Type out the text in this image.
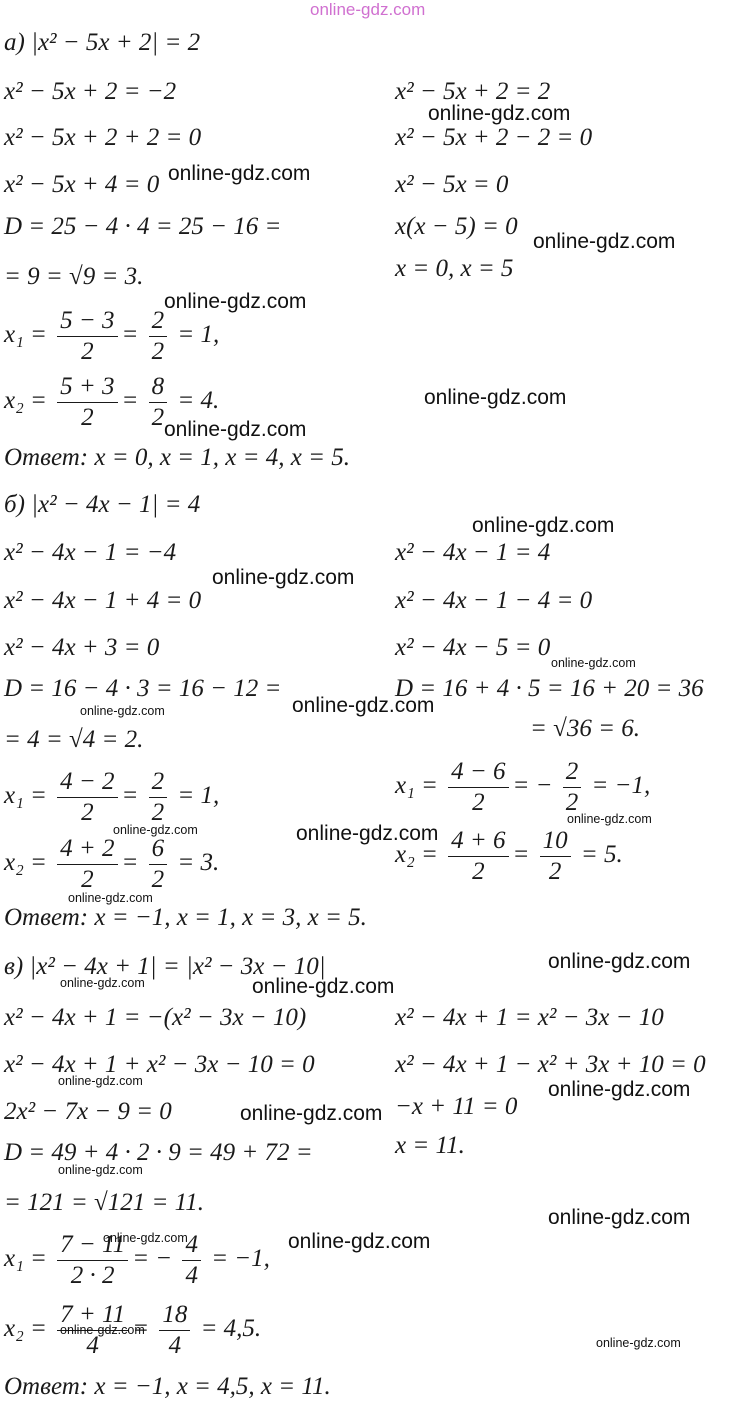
online-gdz.com
а) |x² − 5x + 2| = 2
x² − 5x + 2 = −2
x² − 5x + 2 + 2 = 0
x² − 5x + 4 = 0
D = 25 − 4 · 4 = 25 − 16 =
= 9 = √9 = 3.
$x_1 = \frac{5 - 3}{2} = \frac{2}{2} = 1$,
$x_2 = \frac{5 + 3}{2} = \frac{8}{2} = 4$.
x² − 5x + 2 = 2
x² − 5x + 2 − 2 = 0
x² − 5x = 0
x(x − 5) = 0
x = 0, x = 5
Ответ: x = 0, x = 1, x = 4, x = 5.
б) |x² − 4x − 1| = 4
x² − 4x − 1 = −4
x² − 4x − 1 + 4 = 0
x² − 4x + 3 = 0
D = 16 − 4 · 3 = 16 − 12 =
= 4 = √4 = 2.
$x_1 = \frac{4 - 2}{2} = \frac{2}{2} = 1$,
$x_2 = \frac{4 + 2}{2} = \frac{6}{2} = 3$.
x² − 4x − 1 = 4
x² − 4x − 1 − 4 = 0
x² − 4x − 5 = 0
D = 16 + 4 · 5 = 16 + 20 = 36
= √36 = 6.
$x_1 = \frac{4 - 6}{2}$ = − $\frac{2}{2} = -1$,
$x_2 = \frac{4 + 6}{2} = \frac{10}{2} = 5$.
Ответ: x = −1, x = 1, x = 3, x = 5.
в) |x² − 4x + 1| = |x² − 3x − 10|
x² − 4x + 1 = −(x² − 3x − 10)
x² − 4x + 1 + x² − 3x − 10 = 0
2x² − 7x − 9 = 0
D = 49 + 4 · 2 · 9 = 49 + 72 =
= 121 = √121 = 11.
$x_1 = \frac{7 - 11}{2 \cdot 2}$ = − $\frac{4}{4} = -1$,
$x_2 = \frac{7 + 11}{4} = \frac{18}{4} = 4,5$.
x² − 4x + 1 = x² − 3x − 10
x² − 4x + 1 − x² + 3x + 10 = 0
−x + 11 = 0
x = 11.
Ответ: x = −1, x = 4,5, x = 11.
online-gdz.com
online-gdz.com
online-gdz.com
online-gdz.com
online-gdz.com
online-gdz.com
online-gdz.com
online-gdz.com
online-gdz.com
online-gdz.com
online-gdz.com
online-gdz.com
online-gdz.com	online-gdz.com
online-gdz.com
online-gdz.com
online-gdz.com	online-gdz.com
online-gdz.com	online-gdz.com
online-gdz.com
online-gdz.com
online-gdz.com
online-gdz.com	online-gdz.com
online-gdz.com
online-gdz.com
